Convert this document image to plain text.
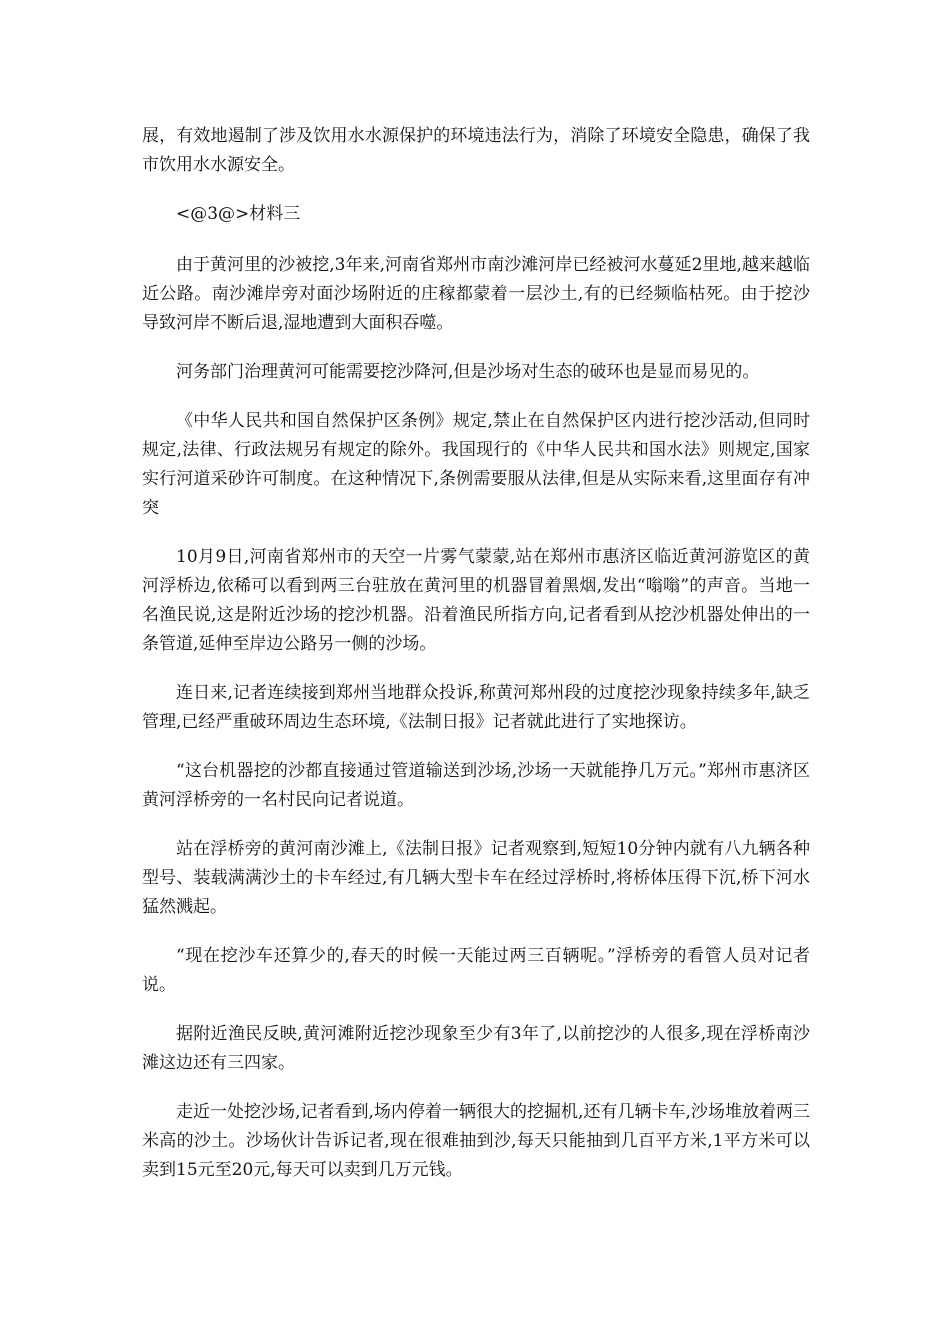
展，有效地遏制了涉及饮用水水源保护的环境违法行为，消除了环境安全隐患，确保了我市饮用水水源安全。

<@3@>材料三

由于黄河里的沙被挖,3年来,河南省郑州市南沙滩河岸已经被河水蔓延2里地,越来越临近公路。南沙滩岸旁对面沙场附近的庄稼都蒙着一层沙土,有的已经频临枯死。由于挖沙导致河岸不断后退,湿地遭到大面积吞噬。

河务部门治理黄河可能需要挖沙降河,但是沙场对生态的破环也是显而易见的。

《中华人民共和国自然保护区条例》规定,禁止在自然保护区内进行挖沙活动,但同时规定,法律、行政法规另有规定的除外。我国现行的《中华人民共和国水法》则规定,国家实行河道采砂许可制度。在这种情况下,条例需要服从法律,但是从实际来看,这里面存有冲突

10月9日,河南省郑州市的天空一片雾气蒙蒙,站在郑州市惠济区临近黄河游览区的黄河浮桥边,依稀可以看到两三台驻放在黄河里的机器冒着黑烟,发出“嗡嗡”的声音。当地一名渔民说,这是附近沙场的挖沙机器。沿着渔民所指方向,记者看到从挖沙机器处伸出的一条管道,延伸至岸边公路另一侧的沙场。

连日来,记者连续接到郑州当地群众投诉,称黄河郑州段的过度挖沙现象持续多年,缺乏管理,已经严重破环周边生态环境,《法制日报》记者就此进行了实地探访。

“这台机器挖的沙都直接通过管道输送到沙场,沙场一天就能挣几万元。”郑州市惠济区黄河浮桥旁的一名村民向记者说道。

站在浮桥旁的黄河南沙滩上,《法制日报》记者观察到,短短10分钟内就有八九辆各种型号、装载满满沙土的卡车经过,有几辆大型卡车在经过浮桥时,将桥体压得下沉,桥下河水猛然溅起。

“现在挖沙车还算少的,春天的时候一天能过两三百辆呢。”浮桥旁的看管人员对记者说。

据附近渔民反映,黄河滩附近挖沙现象至少有3年了,以前挖沙的人很多,现在浮桥南沙滩这边还有三四家。

走近一处挖沙场,记者看到,场内停着一辆很大的挖掘机,还有几辆卡车,沙场堆放着两三米高的沙土。沙场伙计告诉记者,现在很难抽到沙,每天只能抽到几百平方米,1平方米可以卖到15元至20元,每天可以卖到几万元钱。
